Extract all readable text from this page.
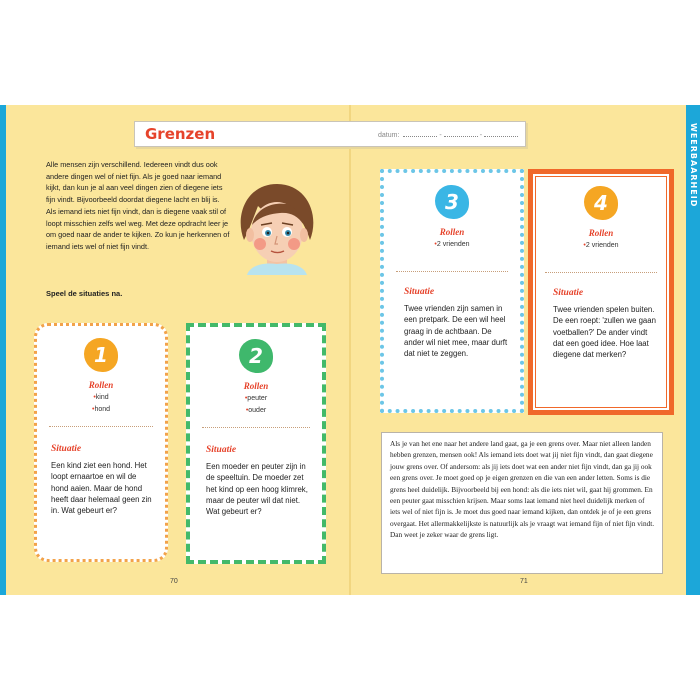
WEERBAARHEID
Grenzen	datum:	-	-
Alle mensen zijn verschillend. Iedereen vindt dus ook andere dingen wel of niet fijn. Als je goed naar iemand kijkt, dan kun je al aan veel dingen zien of diegene iets fijn vindt. Bijvoorbeeld doordat diegene lacht en blij is. Als iemand iets niet fijn vindt, dan is diegene vaak stil of loopt misschien zelfs wel weg. Met deze opdracht leer je om goed naar de ander te kijken. Zo kun je herkennen of iemand iets wel of niet fijn vindt.
Speel de situaties na.
1
Rollen
• kind
• hond
Situatie
Een kind ziet een hond. Het loopt ernaartoe en wil de hond aaien. Maar de hond heeft daar helemaal geen zin in. Wat gebeurt er?
2
Rollen
• peuter
• ouder
Situatie
Een moeder en peuter zijn in de speeltuin. De moeder zet het kind op een hoog klimrek, maar de peuter wil dat niet. Wat gebeurt er?
3
Rollen
• 2 vrienden
Situatie
Twee vrienden zijn samen in een pretpark. De een wil heel graag in de achtbaan. De ander wil niet mee, maar durft dat niet te zeggen.
4
Rollen
• 2 vrienden
Situatie
Twee vrienden spelen buiten. De een roept: 'zullen we gaan voetballen?' De ander vindt dat een goed idee. Hoe laat diegene dat merken?
Als je van het ene naar het andere land gaat, ga je een grens over. Maar niet alleen landen hebben grenzen, mensen ook! Als iemand iets doet wat jij niet fijn vindt, dan gaat diegene jouw grens over. Of andersom: als jij iets doet wat een ander niet fijn vindt, dan ga jij ook een grens over. Je moet goed op je eigen grenzen en die van een ander letten. Soms is die grens heel duidelijk. Bijvoorbeeld bij een hond: als die iets niet wil, gaat hij grommen. En een peuter gaat misschien krijsen. Maar soms laat iemand niet heel duidelijk merken of iets wel of niet fijn is. Je moet dus goed naar iemand kijken, dan ontdek je of je een grens overgaat. Het allermakkelijkste is natuurlijk als je vraagt wat iemand fijn of niet fijn vindt. Dan weet je zeker waar de grens ligt.
70	71
